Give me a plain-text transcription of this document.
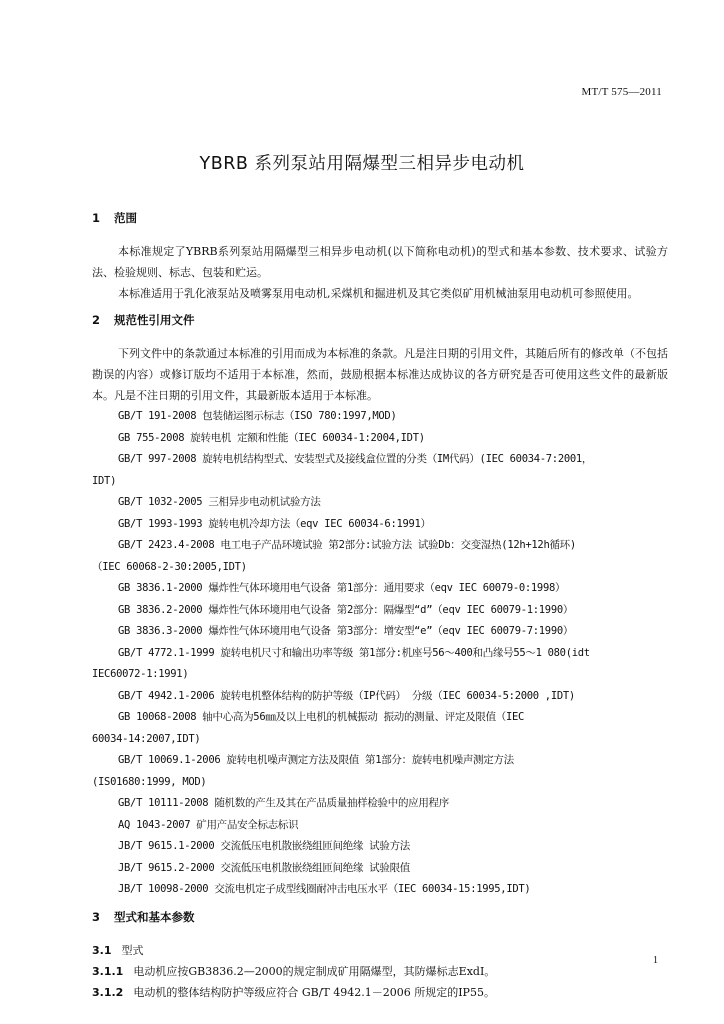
MT/T 575—2011
YBRB 系列泵站用隔爆型三相异步电动机
1 范围

本标准规定了YBRB系列泵站用隔爆型三相异步电动机(以下简称电动机)的型式和基本参数、技术要求、试验方法、检验规则、标志、包装和贮运。

本标准适用于乳化液泵站及喷雾泵用电动机,采煤机和掘进机及其它类似矿用机械油泵用电动机可参照使用。

2 规范性引用文件

下列文件中的条款通过本标准的引用而成为本标准的条款。凡是注日期的引用文件，其随后所有的修改单（不包括勘误的内容）或修订版均不适用于本标准，然而，鼓励根据本标准达成协议的各方研究是否可使用这些文件的最新版本。凡是不注日期的引用文件，其最新版本适用于本标准。

GB/T 191-2008 包装储运图示标志（ISO 780:1997,MOD)

GB 755-2008 旋转电机 定额和性能（IEC 60034-1:2004,IDT)

GB/T 997-2008 旋转电机结构型式、安装型式及接线盒位置的分类（IM代码）(IEC 60034-7:2001，
IDT)

GB/T 1032-2005 三相异步电动机试验方法

GB/T 1993-1993 旋转电机冷却方法（eqv IEC 60034-6:1991）

GB/T 2423.4-2008 电工电子产品环境试验 第2部分:试验方法 试验Db：交变湿热(12h+12h循环)
（IEC 60068-2-30:2005,IDT)

GB 3836.1-2000 爆炸性气体环境用电气设备 第1部分：通用要求（eqv IEC 60079-0:1998）

GB 3836.2-2000 爆炸性气体环境用电气设备 第2部分：隔爆型“d”（eqv IEC 60079-1:1990）

GB 3836.3-2000 爆炸性气体环境用电气设备 第3部分：增安型“e”（eqv IEC 60079-7:1990）

GB/T 4772.1-1999 旋转电机尺寸和输出功率等级 第1部分:机座号56～400和凸缘号55～1 080(idt
IEC60072-1:1991)

GB/T 4942.1-2006 旋转电机整体结构的防护等级（IP代码） 分级（IEC 60034-5:2000 ,IDT)

GB 10068-2008 轴中心高为56㎜及以上电机的机械振动 振动的测量、评定及限值（IEC
60034-14:2007,IDT)

GB/T 10069.1-2006 旋转电机噪声测定方法及限值 第1部分：旋转电机噪声测定方法
(IS01680:1999, MOD)

GB/T 10111-2008 随机数的产生及其在产品质量抽样检验中的应用程序

AQ 1043-2007 矿用产品安全标志标识

JB/T 9615.1-2000 交流低压电机散嵌绕组匝间绝缘 试验方法

JB/T 9615.2-2000 交流低压电机散嵌绕组匝间绝缘 试验限值

JB/T 10098-2000 交流电机定子成型线圈耐冲击电压水平（IEC 60034-15:1995,IDT)

3 型式和基本参数

3.1 型式

3.1.1 电动机应按GB3836.2—2000的规定制成矿用隔爆型，其防爆标志ExdⅠ。

3.1.2 电动机的整体结构防护等级应符合 GB/T 4942.1－2006 所规定的IP55。

1
